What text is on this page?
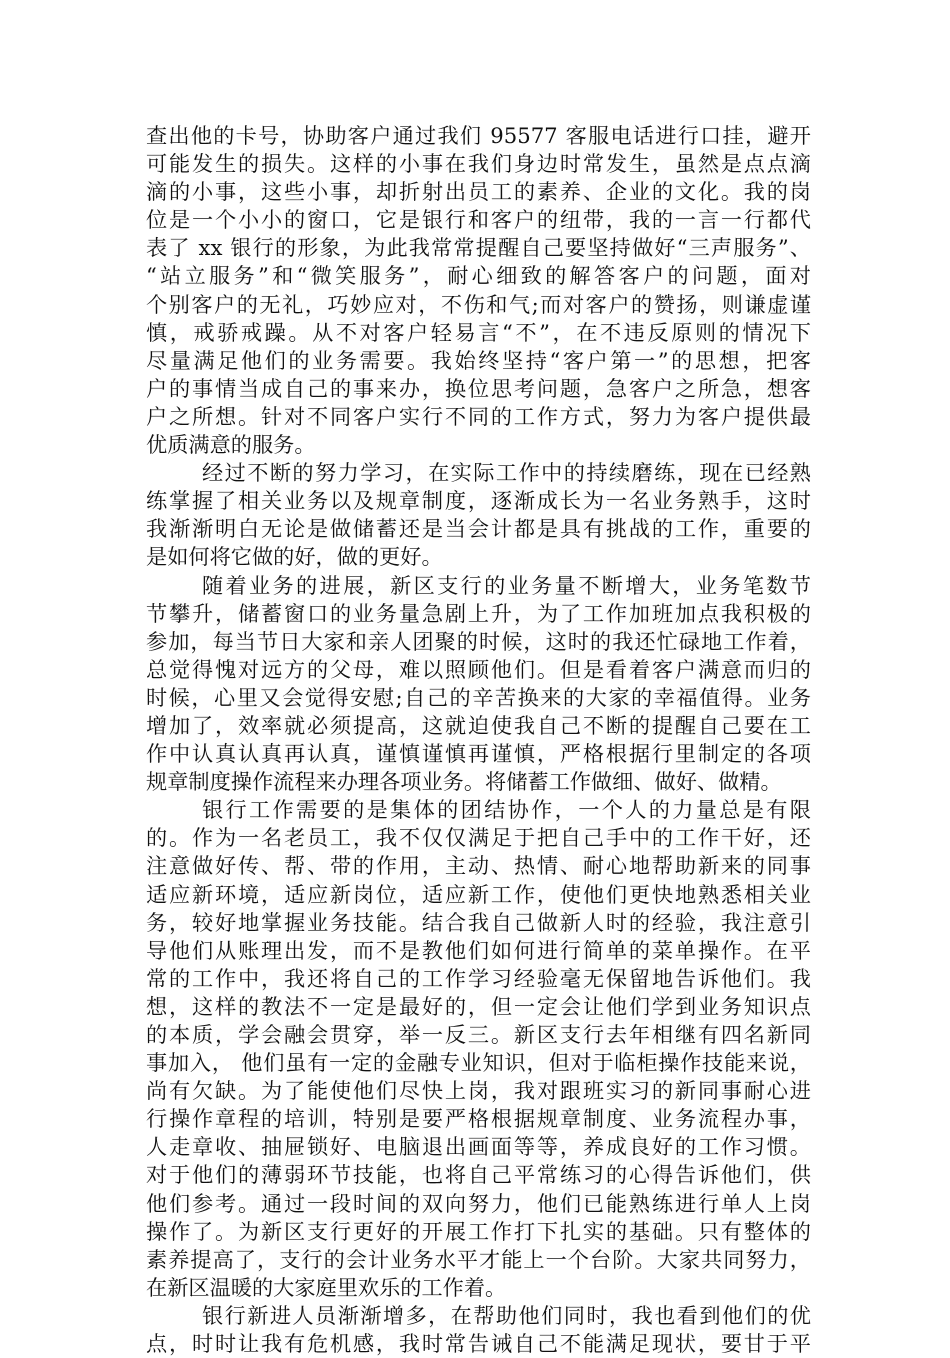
查出他的卡号，协助客户通过我们 95577 客服电话进行口挂，避开
可能发生的损失。这样的小事在我们身边时常发生，虽然是点点滴
滴的小事，这些小事，却折射出员工的素养、企业的文化。我的岗
位是一个小小的窗口，它是银行和客户的纽带，我的一言一行都代
表了 xx 银行的形象，为此我常常提醒自己要坚持做好“三声服务”、
“站立服务”和“微笑服务”，耐心细致的解答客户的问题，面对
个别客户的无礼，巧妙应对，不伤和气;而对客户的赞扬，则谦虚谨
慎，戒骄戒躁。从不对客户轻易言“不”，在不违反原则的情况下
尽量满足他们的业务需要。我始终坚持“客户第一”的思想，把客
户的事情当成自己的事来办，换位思考问题，急客户之所急，想客
户之所想。针对不同客户实行不同的工作方式，努力为客户提供最
优质满意的服务。
经过不断的努力学习，在实际工作中的持续磨练，现在已经熟
练掌握了相关业务以及规章制度，逐渐成长为一名业务熟手，这时
我渐渐明白无论是做储蓄还是当会计都是具有挑战的工作，重要的
是如何将它做的好，做的更好。
随着业务的进展，新区支行的业务量不断增大，业务笔数节
节攀升，储蓄窗口的业务量急剧上升，为了工作加班加点我积极的
参加，每当节日大家和亲人团聚的时候，这时的我还忙碌地工作着，
总觉得愧对远方的父母，难以照顾他们。但是看着客户满意而归的
时候，心里又会觉得安慰;自己的辛苦换来的大家的幸福值得。业务
增加了，效率就必须提高，这就迫使我自己不断的提醒自己要在工
作中认真认真再认真，谨慎谨慎再谨慎，严格根据行里制定的各项
规章制度操作流程来办理各项业务。将储蓄工作做细、做好、做精。
银行工作需要的是集体的团结协作，一个人的力量总是有限
的。作为一名老员工，我不仅仅满足于把自己手中的工作干好，还
注意做好传、帮、带的作用，主动、热情、耐心地帮助新来的同事
适应新环境，适应新岗位，适应新工作，使他们更快地熟悉相关业
务，较好地掌握业务技能。结合我自己做新人时的经验，我注意引
导他们从账理出发，而不是教他们如何进行简单的菜单操作。在平
常的工作中，我还将自己的工作学习经验毫无保留地告诉他们。我
想，这样的教法不一定是最好的，但一定会让他们学到业务知识点
的本质，学会融会贯穿，举一反三。新区支行去年相继有四名新同
事加入， 他们虽有一定的金融专业知识，但对于临柜操作技能来说，
尚有欠缺。为了能使他们尽快上岗，我对跟班实习的新同事耐心进
行操作章程的培训，特别是要严格根据规章制度、业务流程办事，
人走章收、抽屉锁好、电脑退出画面等等，养成良好的工作习惯。
对于他们的薄弱环节技能，也将自己平常练习的心得告诉他们，供
他们参考。通过一段时间的双向努力，他们已能熟练进行单人上岗
操作了。为新区支行更好的开展工作打下扎实的基础。只有整体的
素养提高了，支行的会计业务水平才能上一个台阶。大家共同努力，
在新区温暖的大家庭里欢乐的工作着。
银行新进人员渐渐增多，在帮助他们同时，我也看到他们的优
点，时时让我有危机感，我时常告诫自己不能满足现状，要甘于平
